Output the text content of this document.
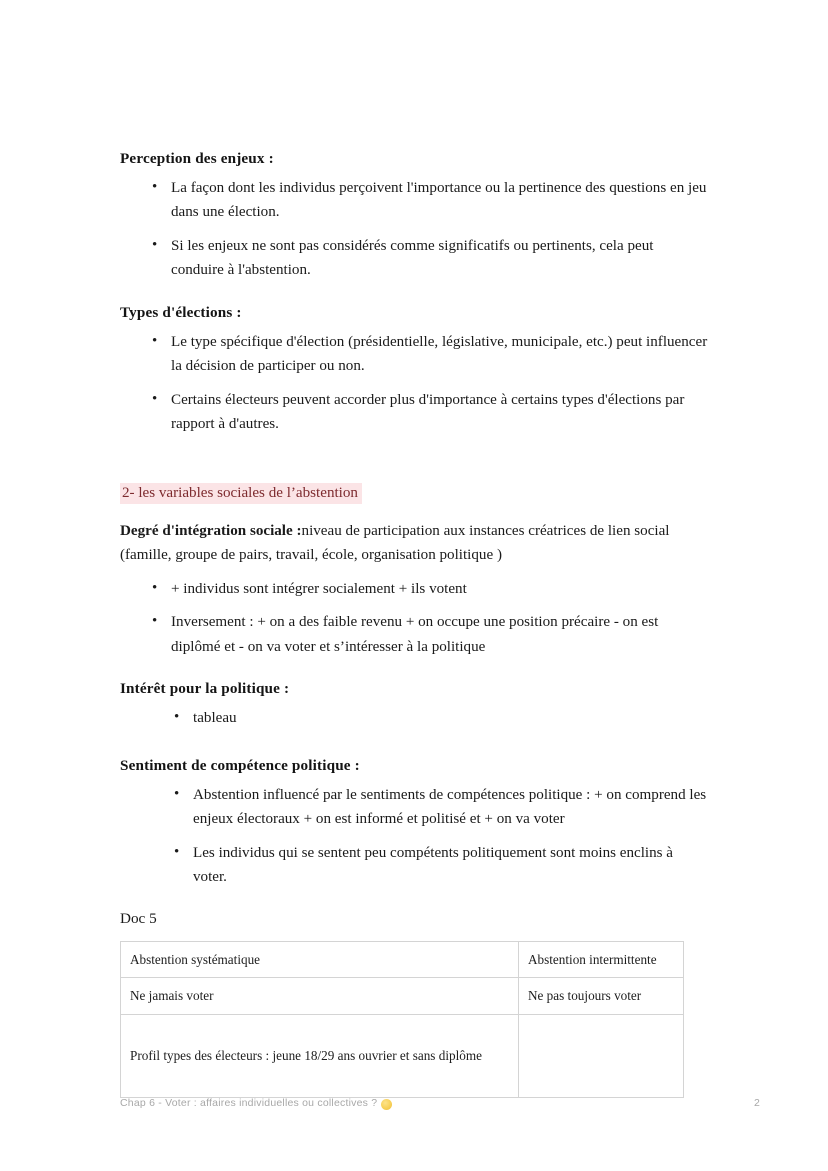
Perception des enjeux :
• La façon dont les individus perçoivent l'importance ou la pertinence des questions en jeu dans une élection.
• Si les enjeux ne sont pas considérés comme significatifs ou pertinents, cela peut conduire à l'abstention.
Types d'élections :
• Le type spécifique d'élection (présidentielle, législative, municipale, etc.) peut influencer la décision de participer ou non.
• Certains électeurs peuvent accorder plus d'importance à certains types d'élections par rapport à d'autres.

2- les variables sociales de l’abstention

Degré d'intégration sociale :niveau de participation aux instances créatrices de lien social (famille, groupe de pairs, travail, école, organisation politique )

• + individus sont intégrer socialement + ils votent
• Inversement : + on a des faible revenu + on occupe une position précaire - on est diplômé et - on va voter et s’intéresser à la politique
Intérêt pour la politique :
• tableau
Sentiment de compétence politique :
• Abstention influencé par le sentiments de compétences politique : + on comprend les enjeux électoraux + on est informé et politisé et + on va voter
• Les individus qui se sentent peu compétents politiquement sont moins enclins à voter.

Doc 5

Abstention systématique	Abstention intermittente
Ne jamais voter	Ne pas toujours voter
Profil types des électeurs : jeune 18/29 ans ouvrier et sans diplôme	
Chap 6 - Voter : affaires individuelles ou collectives ?	2
